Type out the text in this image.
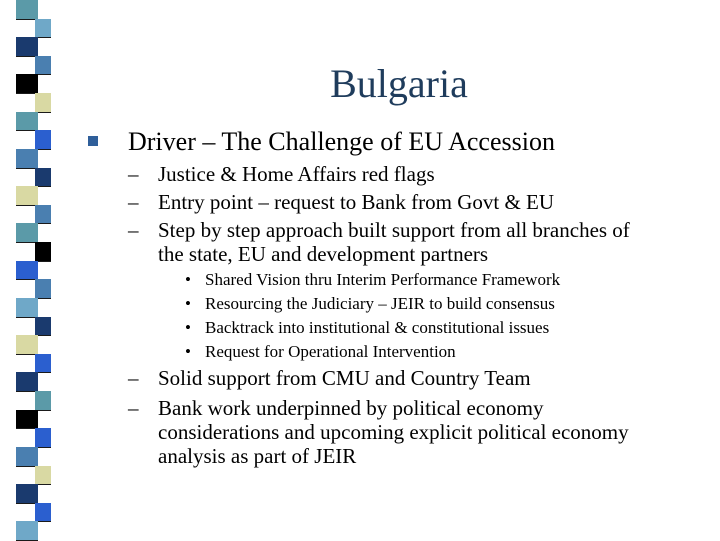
Bulgaria
Driver – The Challenge of EU Accession
– Justice & Home Affairs red flags
– Entry point – request to Bank from Govt & EU
– Step by step approach built support from all branches of
the state, EU and development partners
• Shared Vision thru Interim Performance Framework
• Resourcing the Judiciary – JEIR to build consensus
• Backtrack into institutional & constitutional issues
• Request for Operational Intervention
– Solid support from CMU and Country Team
– Bank work underpinned by political economy
considerations and upcoming explicit political economy
analysis as part of JEIR
